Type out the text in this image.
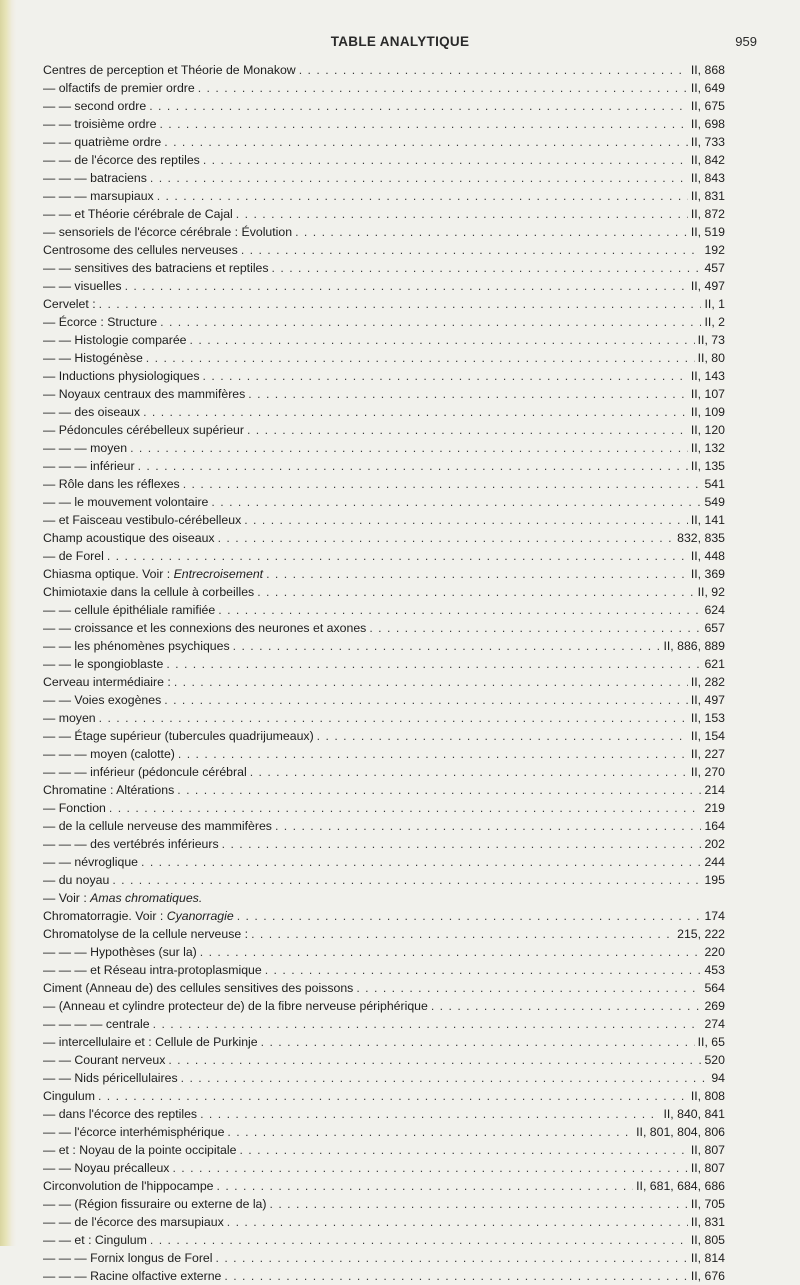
TABLE ANALYTIQUE	959
Centres de perception et Théorie de Monakow . . .	II, 868
— olfactifs de premier ordre . . .	II, 649
— — second ordre . . .	II, 675
— — troisième ordre . . .	II, 698
— — quatrième ordre . . .	II, 733
— — de l'écorce des reptiles . . .	II, 842
— — — batraciens . . .	II, 843
— — — marsupiaux . . .	II, 831
— — et Théorie cérébrale de Cajal . . .	II, 872
— sensoriels de l'écorce cérébrale : Évolution . . .	II, 519
Centrosome des cellules nerveuses . . .	192
— — sensitives des batraciens et reptiles . . .	457
— — visuelles . . .	II, 497
Cervelet : . . .	II, 1
— Écorce : Structure . . .	II, 2
— — Histologie comparée . . .	II, 73
— — Histogénèse . . .	II, 80
— Inductions physiologiques . . .	II, 143
— Noyaux centraux des mammifères . . .	II, 107
— — des oiseaux . . .	II, 109
— Pédoncules cérébelleux supérieur . . .	II, 120
— — — moyen . . .	II, 132
— — — inférieur . . .	II, 135
— Rôle dans les réflexes . . .	541
— — le mouvement volontaire . . .	549
— et Faisceau vestibulo-cérébelleux . . .	II, 141
Champ acoustique des oiseaux . . .	832, 835
— de Forel . . .	II, 448
Chiasma optique. Voir : Entrecroisement . . .	II, 369
Chimiotaxie dans la cellule à corbeilles . . .	II, 92
— — cellule épithéliale ramifiée . . .	624
— — croissance et les connexions des neurones et axones . . .	657
— — les phénomènes psychiques . . .	II, 886, 889
— — le spongioblaste . . .	621
Cerveau intermédiaire : . . .	II, 282
— — Voies exogènes . . .	II, 497
— moyen . . .	II, 153
— — Étage supérieur (tubercules quadrijumeaux) . . .	II, 154
— — — moyen (calotte) . . .	II, 227
— — — inférieur (pédoncule cérébral . . .	II, 270
Chromatine : Altérations . . .	214
— Fonction . . .	219
— de la cellule nerveuse des mammifères . . .	164
— — — des vertébrés inférieurs . . .	202
— — névroglique . . .	244
— du noyau . . .	195
— Voir : Amas chromatiques.
Chromatorragie. Voir : Cyanorragie . . .	174
Chromatolyse de la cellule nerveuse : . . .	215, 222
— — — Hypothèses (sur la) . . .	220
— — — et Réseau intra-protoplasmique . . .	453
Ciment (Anneau de) des cellules sensitives des poissons . . .	564
— (Anneau et cylindre protecteur de) de la fibre nerveuse périphérique . . .	269
— — — — centrale . . .	274
— intercellulaire et : Cellule de Purkinje . . .	II, 65
— — Courant nerveux . . .	520
— — Nids péricellulaires . . .	94
Cingulum . . .	II, 808
— dans l'écorce des reptiles . . .	II, 840, 841
— — l'écorce interhémisphérique . . .	II, 801, 804, 806
— et : Noyau de la pointe occipitale . . .	II, 807
— — Noyau précalleux . . .	II, 807
Circonvolution de l'hippocampe . . .	II, 681, 684, 686
— — (Région fissuraire ou externe de la) . . .	II, 705
— — de l'écorce des marsupiaux . . .	II, 831
— — et : Cingulum . . .	II, 805
— — — Fornix longus de Forel . . .	II, 814
— — — Racine olfactive externe . . .	II, 676
